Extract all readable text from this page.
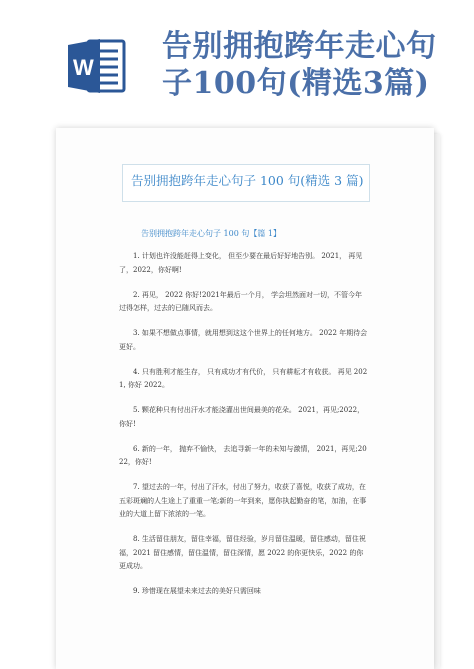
W
告别拥抱跨年走心句子100句(精选3篇)
告别拥抱跨年走心句子 100 句(精选 3 篇)
告别拥抱跨年走心句子 100 句【篇 1】

1. 计划也许没能赶得上变化， 但至少要在最后好好地告别。 2021， 再见了，2022，你好啊!

2. 再见， 2022 你好!2021年最后一个月， 学会坦然面对一切，不管今年过得怎样，过去的已随风而去。

3. 如果不想做点事情，就用想到这这个世界上的任何地方。 2022 年期待会更好。

4. 只有胜利才能生存， 只有成功才有代价， 只有耕耘才有收获。 再见 2021, 你好 2022。

5. 颗花种只有付出汗水才能浇灌出世间最美的花朵。 2021，再见;2022，你好!

6. 新的一年， 抛弃不愉快， 去追寻新一年的未知与激情， 2021，再见;2022，你好!

7. 望过去的一年，付出了汗水，付出了努力，收获了喜悦，收获了成功，在五彩斑斓的人生途上了重重一笔;新的一年到来，愿你执起勤奋的笔，加油，在事业的大道上留下浓浓的一笔。

8. 生活留住朋友，留住幸福，留住经验，岁月留住温暖，留住感动，留住祝福，2021 留住感情，留住温情，留住深情，愿 2022 的你更快乐，2022 的你更成功。

9. 珍惜现在展望未来过去的美好只需回味
